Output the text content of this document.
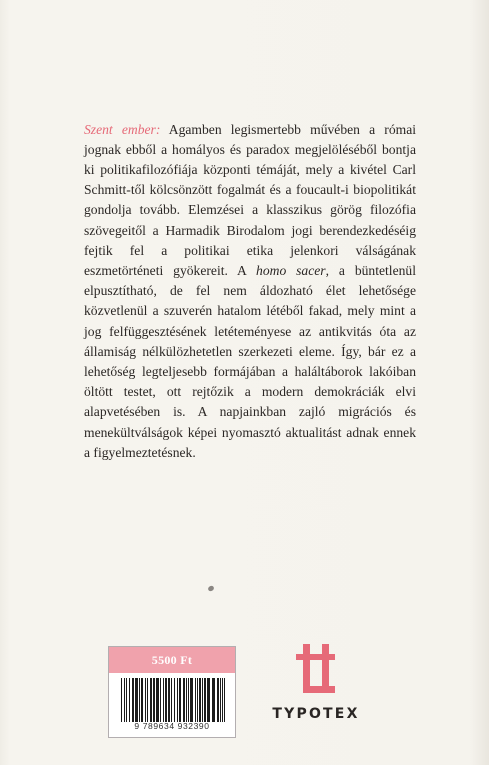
Szent ember: Agamben legismertebb művében a római jognak ebből a homályos és paradox megjelöléséből bontja ki politikafilozófiája központi témáját, mely a kivétel Carl Schmitt-től kölcsönzött fogalmát és a foucault-i biopolitikát gondolja tovább. Elemzései a klasszikus görög filozófia szövegeitől a Harmadik Birodalom jogi berendezkedéséig fejtik fel a politikai etika jelenkori válságának eszmetörténeti gyökereit. A homo sacer, a büntetlenül elpusztítható, de fel nem áldozható élet lehetősége közvetlenül a szuverén hatalom létéből fakad, mely mint a jog felfüggesztésének letéteményese az antikvitás óta az államiság nélkülözhetetlen szerkezeti eleme. Így, bár ez a lehetőség legteljesebb formájában a haláltáborok lakóiban öltött testet, ott rejtőzik a modern demokráciák elvi alapvetésében is. A napjainkban zajló migrációs és menekültválságok képei nyomasztó aktualitást adnak ennek a figyelmeztetésnek.

5500 Ft
9 789634 932390
TYPOTEX
